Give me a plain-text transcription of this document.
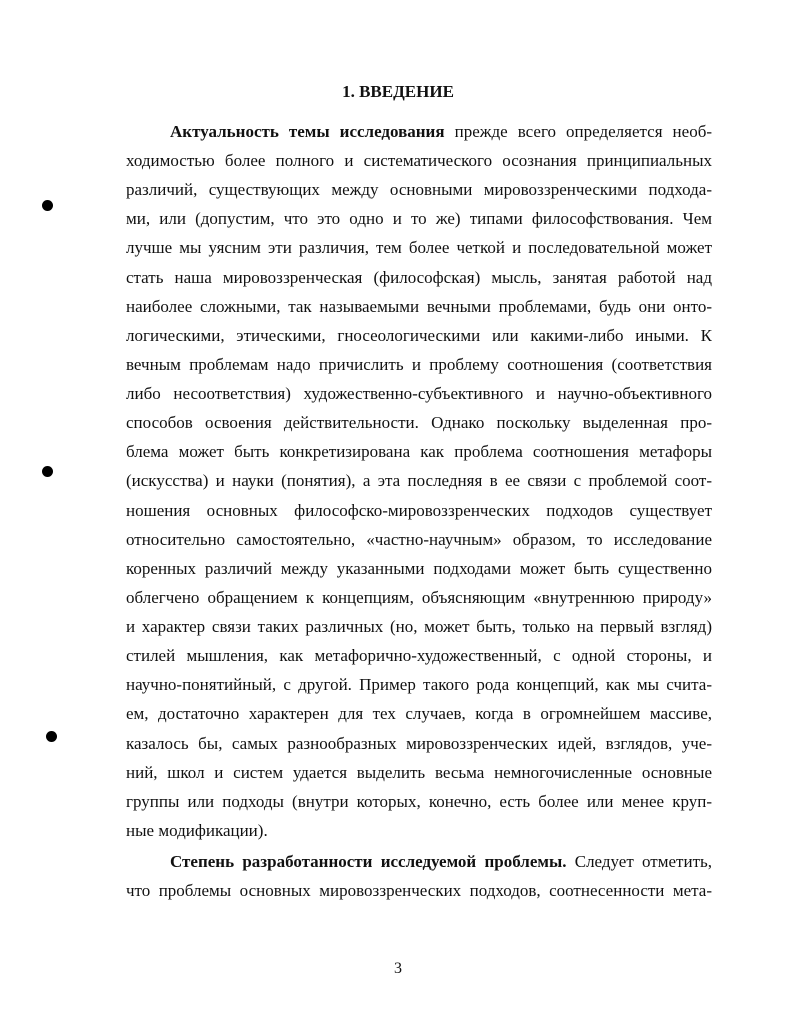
1. ВВЕДЕНИЕ
Актуальность темы исследования прежде всего определяется необ-
ходимостью более полного и систематического осознания принципиальных
различий, существующих между основными мировоззренческими подхода-
ми, или (допустим, что это одно и то же) типами философствования. Чем
лучше мы уясним эти различия, тем более четкой и последовательной может
стать наша мировоззренческая (философская) мысль, занятая работой над
наиболее сложными, так называемыми вечными проблемами, будь они онто-
логическими, этическими, гносеологическими или какими-либо иными. К
вечным проблемам надо причислить и проблему соотношения (соответствия
либо несоответствия) художественно-субъективного и научно-объективного
способов освоения действительности. Однако поскольку выделенная про-
блема может быть конкретизирована как проблема соотношения метафоры
(искусства) и науки (понятия), а эта последняя в ее связи с проблемой соот-
ношения основных философско-мировоззренческих подходов существует
относительно самостоятельно, «частно-научным» образом, то исследование
коренных различий между указанными подходами может быть существенно
облегчено обращением к концепциям, объясняющим «внутреннюю природу»
и характер связи таких различных (но, может быть, только на первый взгляд)
стилей мышления, как метафорично-художественный, с одной стороны, и
научно-понятийный, с другой. Пример такого рода концепций, как мы счита-
ем, достаточно характерен для тех случаев, когда в огромнейшем массиве,
казалось бы, самых разнообразных мировоззренческих идей, взглядов, уче-
ний, школ и систем удается выделить весьма немногочисленные основные
группы или подходы (внутри которых, конечно, есть более или менее круп-
ные модификации).
Степень разработанности исследуемой проблемы. Следует отметить,
что проблемы основных мировоззренческих подходов, соотнесенности мета-
3
